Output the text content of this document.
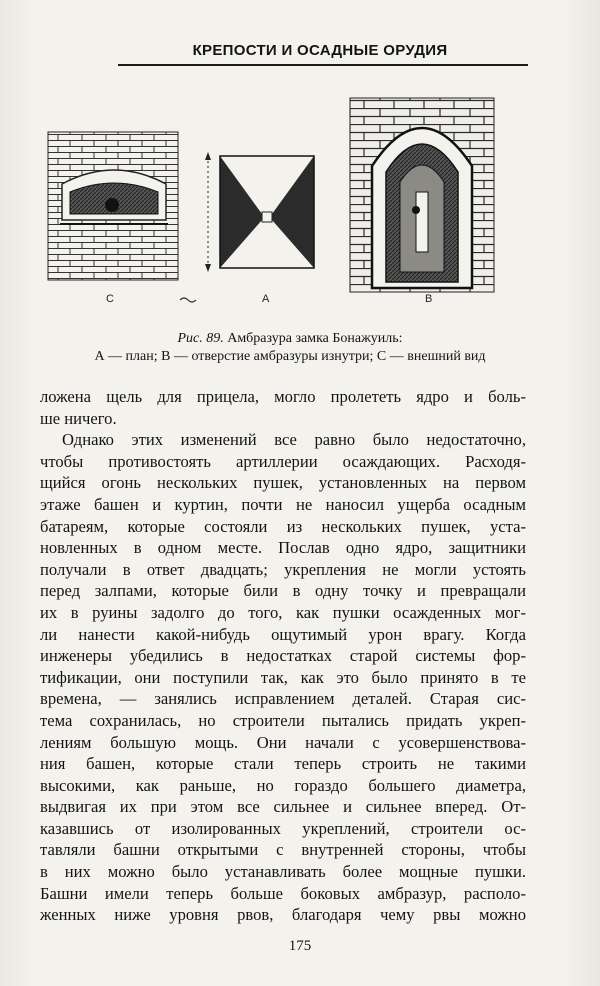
КРЕПОСТИ И ОСАДНЫЕ ОРУДИЯ
C	A	B
Рис. 89. Амбразура замка Бонажуиль:
А — план; В — отверстие амбразуры изнутри; С — внешний вид
ложена щель для прицела, могло пролететь ядро и боль-
ше ничего.
Однако этих изменений все равно было недостаточно,
чтобы противостоять артиллерии осаждающих. Расходя-
щийся огонь нескольких пушек, установленных на первом
этаже башен и куртин, почти не наносил ущерба осадным
батареям, которые состояли из нескольких пушек, уста-
новленных в одном месте. Послав одно ядро, защитники
получали в ответ двадцать; укрепления не могли устоять
перед залпами, которые били в одну точку и превращали
их в руины задолго до того, как пушки осажденных мог-
ли нанести какой-нибудь ощутимый урон врагу. Когда
инженеры убедились в недостатках старой системы фор-
тификации, они поступили так, как это было принято в те
времена, — занялись исправлением деталей. Старая сис-
тема сохранилась, но строители пытались придать укреп-
лениям большую мощь. Они начали с усовершенствова-
ния башен, которые стали теперь строить не такими
высокими, как раньше, но гораздо большего диаметра,
выдвигая их при этом все сильнее и сильнее вперед. От-
казавшись от изолированных укреплений, строители ос-
тавляли башни открытыми с внутренней стороны, чтобы
в них можно было устанавливать более мощные пушки.
Башни имели теперь больше боковых амбразур, располо-
женных ниже уровня рвов, благодаря чему рвы можно
175
